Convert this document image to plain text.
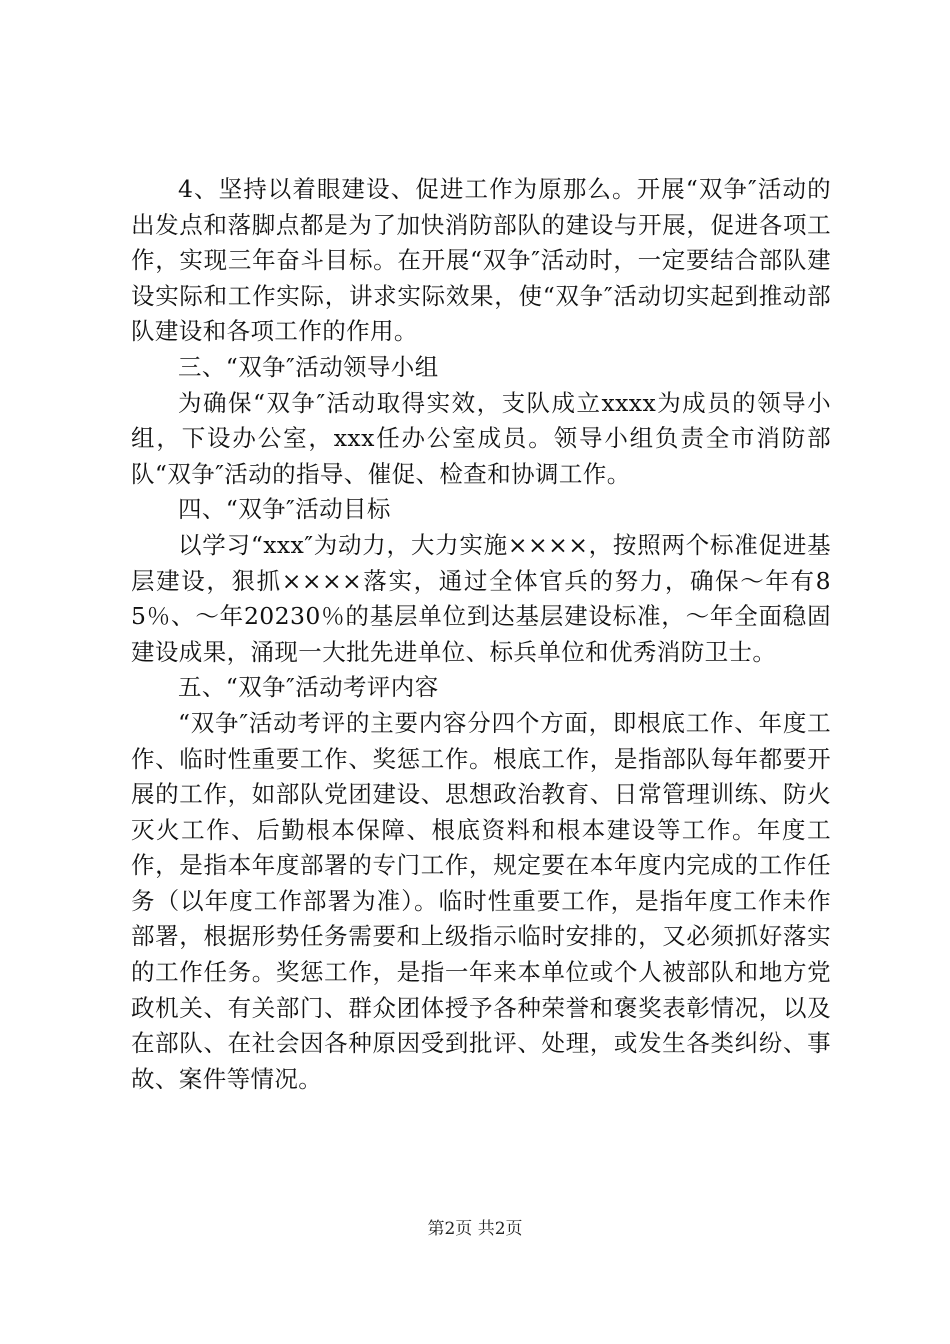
4、坚持以着眼建设、促进工作为原那么。开展“双争″活动的出发点和落脚点都是为了加快消防部队的建设与开展，促进各项工作，实现三年奋斗目标。在开展“双争″活动时，一定要结合部队建设实际和工作实际，讲求实际效果，使“双争″活动切实起到推动部队建设和各项工作的作用。

三、“双争″活动领导小组

为确保“双争″活动取得实效，支队成立xxxx为成员的领导小组，下设办公室，xxx任办公室成员。领导小组负责全市消防部队“双争″活动的指导、催促、检查和协调工作。

四、“双争″活动目标

以学习“xxx″为动力，大力实施××××，按照两个标准促进基层建设，狠抓××××落实，通过全体官兵的努力，确保～年有85％、～年20230％的基层单位到达基层建设标准，～年全面稳固建设成果，涌现一大批先进单位、标兵单位和优秀消防卫士。

五、“双争″活动考评内容

“双争″活动考评的主要内容分四个方面，即根底工作、年度工作、临时性重要工作、奖惩工作。根底工作，是指部队每年都要开展的工作，如部队党团建设、思想政治教育、日常管理训练、防火灭火工作、后勤根本保障、根底资料和根本建设等工作。年度工作，是指本年度部署的专门工作，规定要在本年度内完成的工作任务（以年度工作部署为准）。临时性重要工作，是指年度工作未作部署，根据形势任务需要和上级指示临时安排的，又必须抓好落实的工作任务。奖惩工作，是指一年来本单位或个人被部队和地方党政机关、有关部门、群众团体授予各种荣誉和褒奖表彰情况，以及在部队、在社会因各种原因受到批评、处理，或发生各类纠纷、事故、案件等情况。

第2页 共2页
